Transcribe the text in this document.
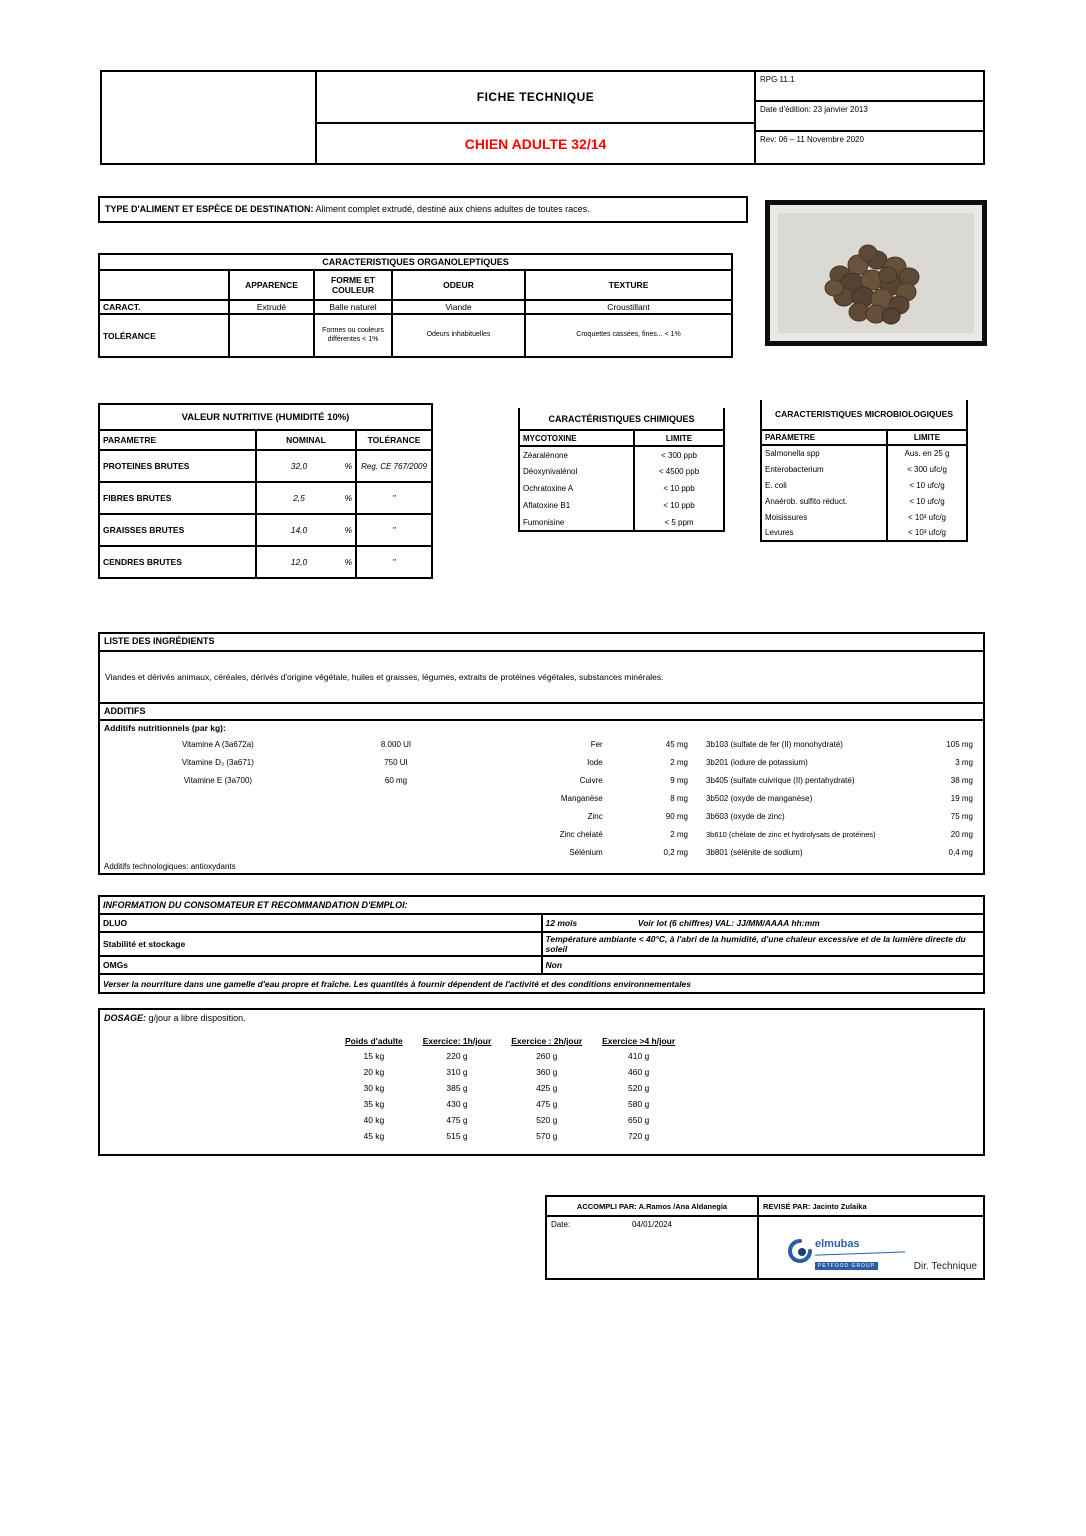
FICHE TECHNIQUE
CHIEN ADULTE 32/14
RPG 11.1
Date d'édition: 23 janvier 2013
Rev: 06 – 11 Novembre 2020
TYPE D'ALIMENT ET ESPÈCE DE DESTINATION: Aliment complet extrudé, destiné aux chiens adultes de toutes races.
CARACTERISTIQUES ORGANOLEPTIQUES				
	APPARENCE	FORME ET COULEUR	ODEUR	TEXTURE
CARACT.	Extrudé	Balle naturel	Viande	Croustillant
TOLÉRANCE		Formes ou couleurs différentes < 1%	Odeurs inhabituelles	Croquettes cassées, fines... < 1%
VALEUR NUTRITIVE (HUMIDITÉ 10%)		
PARAMETRE	NOMINAL	TOLÉRANCE
PROTEINES BRUTES	32,0 %	Reg. CE 767/2009
FIBRES BRUTES	2,5 %	''
GRAISSES BRUTES	14,0 %	''
CENDRES BRUTES	12,0 %	''
CARACTÉRISTIQUES CHIMIQUES	
MYCOTOXINE	LIMITE
Zéaralénone	< 300 ppb
Déoxynivalénol	< 4500 ppb
Ochratoxine A	< 10 ppb
Aflatoxine B1	< 10 ppb
Fumonisine	< 5 ppm
CARACTERISTIQUES MICROBIOLOGIQUES	
PARAMETRE	LIMITE
Salmonella spp	Aus. en 25 g
Enterobacterium	< 300 ufc/g
E. coli	< 10 ufc/g
Anaérob. sulfito réduct.	< 10 ufc/g
Moisissures	< 10³ ufc/g
Levures	< 10³ ufc/g
LISTE DES INGRÉDIENTS
Viandes et dérivés animaux, céréales, dérivés d'origine végétale, huiles et graisses, légumes, extraits de protéines végétales, substances minérales.
ADDITIFS
Additifs nutritionnels (par kg):
Vitamine A (3a672a)	8.000 UI	Fer	45 mg	3b103 (sulfate de fer (II) monohydraté)	105 mg
Vitamine D₃ (3a671)	750 UI	Iode	2 mg	3b201 (iodure de potassium)	3 mg
Vitamine E (3a700)	60 mg	Cuivre	9 mg	3b405 (sulfate cuivrique (II) pentahydraté)	38 mg
		Manganèse	8 mg	3b502 (oxyde de manganèse)	19 mg
		Zinc	90 mg	3b603 (oxyde de zinc)	75 mg
		Zinc chelaté	2 mg	3b610 (chélate de zinc et hydrolysats de protéines)	20 mg
		Sélénium	0,2 mg	3b801 (sélénite de sodium)	0,4 mg
Additifs technologiques: antioxydants
INFORMATION DU CONSOMATEUR ET RECOMMANDATION D'EMPLOI:	
DLUO	12 mois Voir lot (6 chiffres) VAL: JJ/MM/AAAA hh:mm
Stabilité et stockage	Température ambiante < 40°C, à l'abri de la humidité, d'une chaleur excessive et de la lumière directe du soleil
OMGs	Non
Verser la nourriture dans une gamelle d'eau propre et fraîche. Les quantités à fournir dépendent de l'activité et des conditions environnementales	
DOSAGE: g/jour a libre disposition.
Poids d'adulte	Exercice: 1h/jour	Exercice : 2h/jour	Exercice >4 h/jour
15 kg	220 g	260 g	410 g
20 kg	310 g	360 g	460 g
30 kg	385 g	425 g	520 g
35 kg	430 g	475 g	580 g
40 kg	475 g	520 g	650 g
45 kg	515 g	570 g	720 g
ACCOMPLI PAR: A.Ramos /Ana Aldanegia	REVISÉ PAR: Jacinto Zulaika
Date:	04/01/2024
elmubas
PETFOOD GROUP	Dir. Technique
